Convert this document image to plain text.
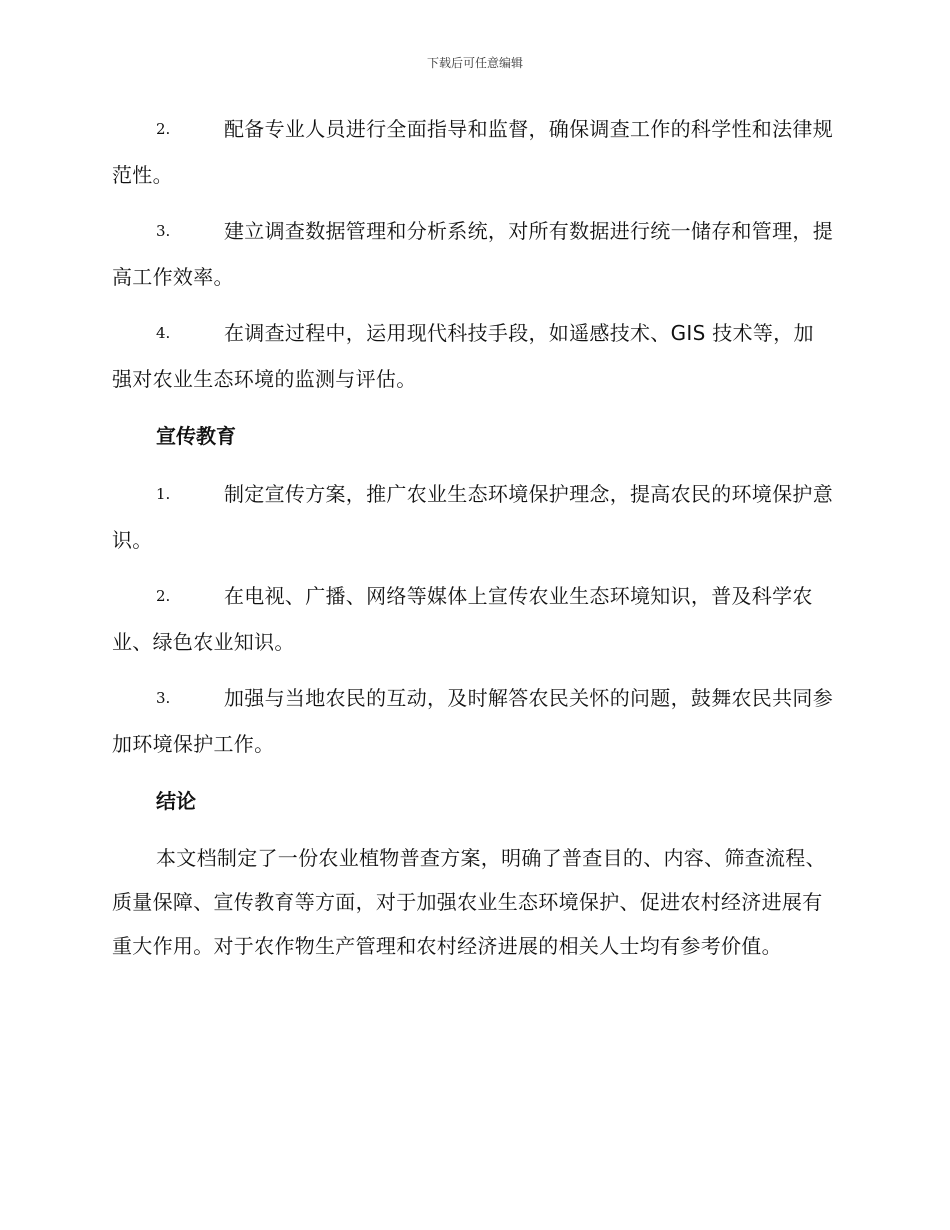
下载后可任意编辑
2.	配备专业人员进行全面指导和监督，确保调查工作的科学性和法律规范性。
3.	建立调查数据管理和分析系统，对所有数据进行统一储存和管理，提高工作效率。
4.	在调查过程中，运用现代科技手段，如遥感技术、GIS 技术等，加强对农业生态环境的监测与评估。
宣传教育
1.	制定宣传方案，推广农业生态环境保护理念，提高农民的环境保护意识。
2.	在电视、广播、网络等媒体上宣传农业生态环境知识，普及科学农业、绿色农业知识。
3.	加强与当地农民的互动，及时解答农民关怀的问题，鼓舞农民共同参加环境保护工作。
结论
本文档制定了一份农业植物普查方案，明确了普查目的、内容、筛查流程、质量保障、宣传教育等方面，对于加强农业生态环境保护、促进农村经济进展有重大作用。对于农作物生产管理和农村经济进展的相关人士均有参考价值。
